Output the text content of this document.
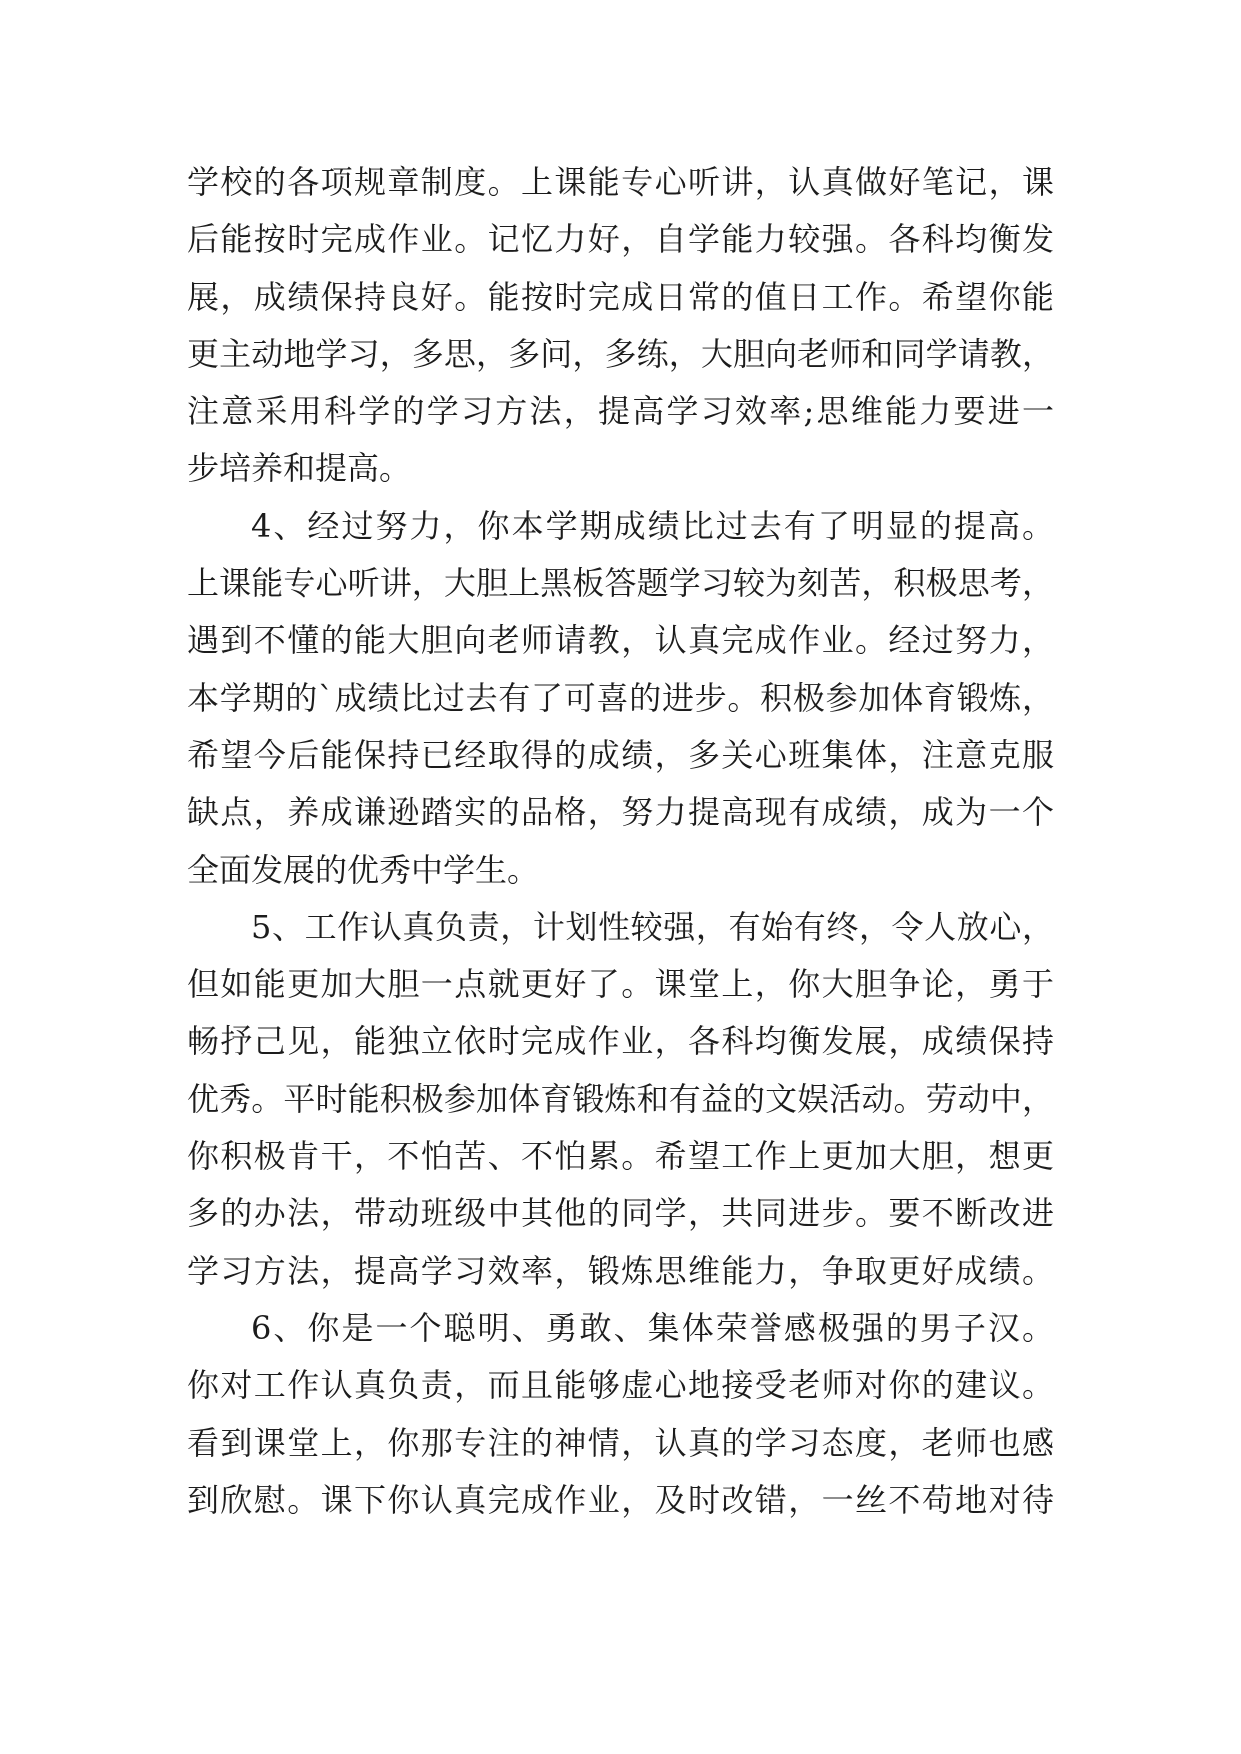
学校的各项规章制度。上课能专心听讲，认真做好笔记，课
后能按时完成作业。记忆力好，自学能力较强。各科均衡发
展，成绩保持良好。能按时完成日常的值日工作。希望你能
更主动地学习，多思，多问，多练，大胆向老师和同学请教，
注意采用科学的学习方法，提高学习效率;思维能力要进一
步培养和提高。
4、经过努力，你本学期成绩比过去有了明显的提高。
上课能专心听讲，大胆上黑板答题学习较为刻苦，积极思考，
遇到不懂的能大胆向老师请教，认真完成作业。经过努力，
本学期的`成绩比过去有了可喜的进步。积极参加体育锻炼，
希望今后能保持已经取得的成绩，多关心班集体，注意克服
缺点，养成谦逊踏实的品格，努力提高现有成绩，成为一个
全面发展的优秀中学生。
5、工作认真负责，计划性较强，有始有终，令人放心，
但如能更加大胆一点就更好了。课堂上，你大胆争论，勇于
畅抒己见，能独立依时完成作业，各科均衡发展，成绩保持
优秀。平时能积极参加体育锻炼和有益的文娱活动。劳动中，
你积极肯干，不怕苦、不怕累。希望工作上更加大胆，想更
多的办法，带动班级中其他的同学，共同进步。要不断改进
学习方法，提高学习效率，锻炼思维能力，争取更好成绩。
6、你是一个聪明、勇敢、集体荣誉感极强的男子汉。
你对工作认真负责，而且能够虚心地接受老师对你的建议。
看到课堂上，你那专注的神情，认真的学习态度，老师也感
到欣慰。课下你认真完成作业，及时改错，一丝不苟地对待
